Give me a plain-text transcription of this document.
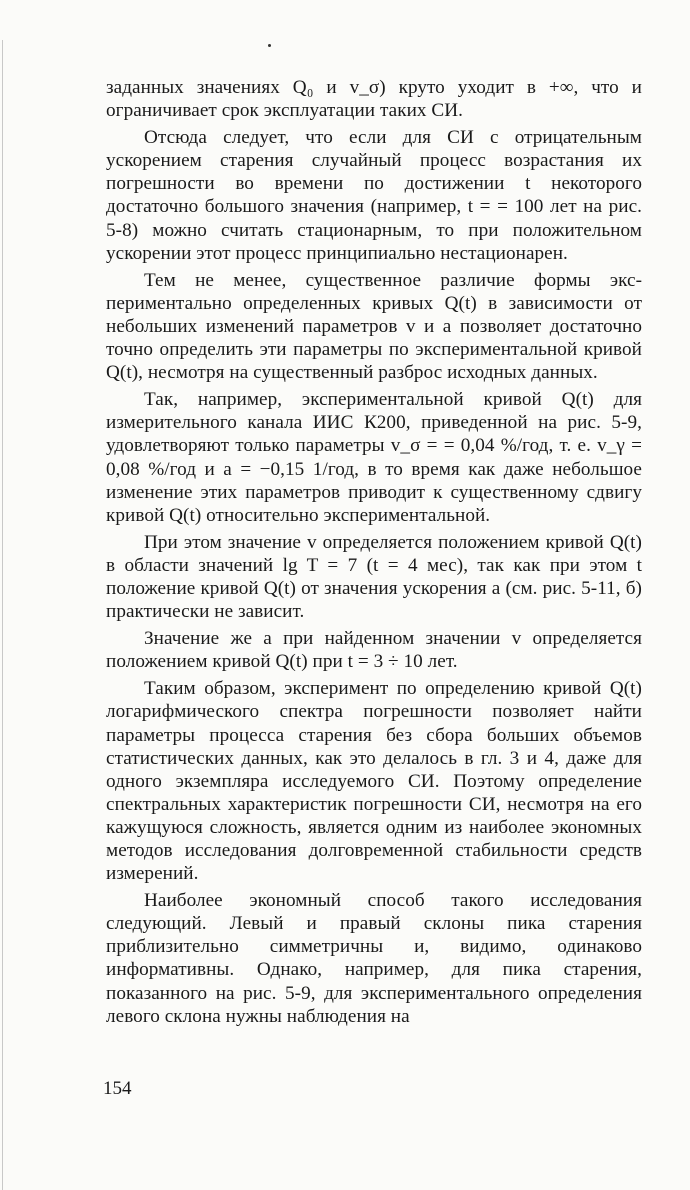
заданных значениях Q₀ и v_σ) круто уходит в +∞, что и ограничивает срок эксплуатации таких СИ.

Отсюда следует, что если для СИ с отрицательным ускорением старения случайный процесс возрастания их погрешности во времени по достижении t некоторого достаточно большого значения (например, t = = 100 лет на рис. 5-8) можно считать стационарным, то при положительном ускорении этот процесс принципиально нестационарен.

Тем не менее, существенное различие формы экспериментально определенных кривых Q(t) в зависимости от небольших изменений параметров v и a позволяет достаточно точно определить эти параметры по экспериментальной кривой Q(t), несмотря на существенный разброс исходных данных.

Так, например, экспериментальной кривой Q(t) для измерительного канала ИИС К200, приведенной на рис. 5-9, удовлетворяют только параметры v_σ = = 0,04 %/год, т. е. v_γ = 0,08 %/год и a = −0,15 1/год, в то время как даже небольшое изменение этих параметров приводит к существенному сдвигу кривой Q(t) относительно экспериментальной.

При этом значение v определяется положением кривой Q(t) в области значений lg T = 7 (t = 4 мес), так как при этом t положение кривой Q(t) от значения ускорения a (см. рис. 5-11, б) практически не зависит.

Значение же a при найденном значении v определяется положением кривой Q(t) при t = 3 ÷ 10 лет.

Таким образом, эксперимент по определению кривой Q(t) логарифмического спектра погрешности позволяет найти параметры процесса старения без сбора больших объемов статистических данных, как это делалось в гл. 3 и 4, даже для одного экземпляра исследуемого СИ. Поэтому определение спектральных характеристик погрешности СИ, несмотря на его кажущуюся сложность, является одним из наиболее экономных методов исследования долговременной стабильности средств измерений.

Наиболее экономный способ такого исследования следующий. Левый и правый склоны пика старения приблизительно симметричны и, видимо, одинаково информативны. Однако, например, для пика старения, показанного на рис. 5-9, для экспериментального определения левого склона нужны наблюдения на

154
